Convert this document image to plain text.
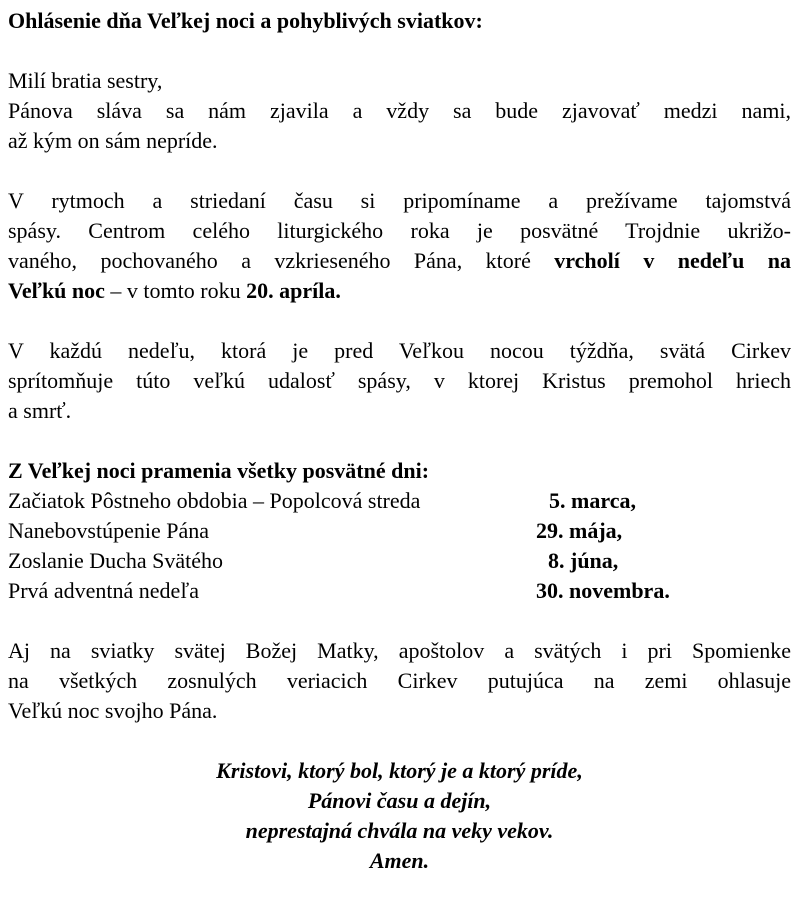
Ohlásenie dňa Veľkej noci a pohyblivých sviatkov:
Milí bratia sestry,
Pánova sláva sa nám zjavila a vždy sa bude zjavovať medzi nami,
až kým on sám nepríde.
V rytmoch a striedaní času si pripomíname a prežívame tajomstvá
spásy. Centrom celého liturgického roka je posvätné Trojdnie ukrižo-
vaného, pochovaného a vzkrieseného Pána, ktoré vrcholí v nedeľu na
Veľkú noc – v tomto roku 20. apríla.
V každú nedeľu, ktorá je pred Veľkou nocou týždňa, svätá Cirkev
sprítomňuje túto veľkú udalosť spásy, v ktorej Kristus premohol hriech
a smrť.
Z Veľkej noci pramenia všetky posvätné dni:
Začiatok Pôstneho obdobia – Popolcová streda	5. marca,
Nanebovstúpenie Pána	29. mája,
Zoslanie Ducha Svätého	8. júna,
Prvá adventná nedeľa	30. novembra.
Aj na sviatky svätej Božej Matky, apoštolov a svätých i pri Spomienke
na všetkých zosnulých veriacich Cirkev putujúca na zemi ohlasuje
Veľkú noc svojho Pána.
Kristovi, ktorý bol, ktorý je a ktorý príde,
Pánovi času a dejín,
neprestajná chvála na veky vekov.
Amen.
